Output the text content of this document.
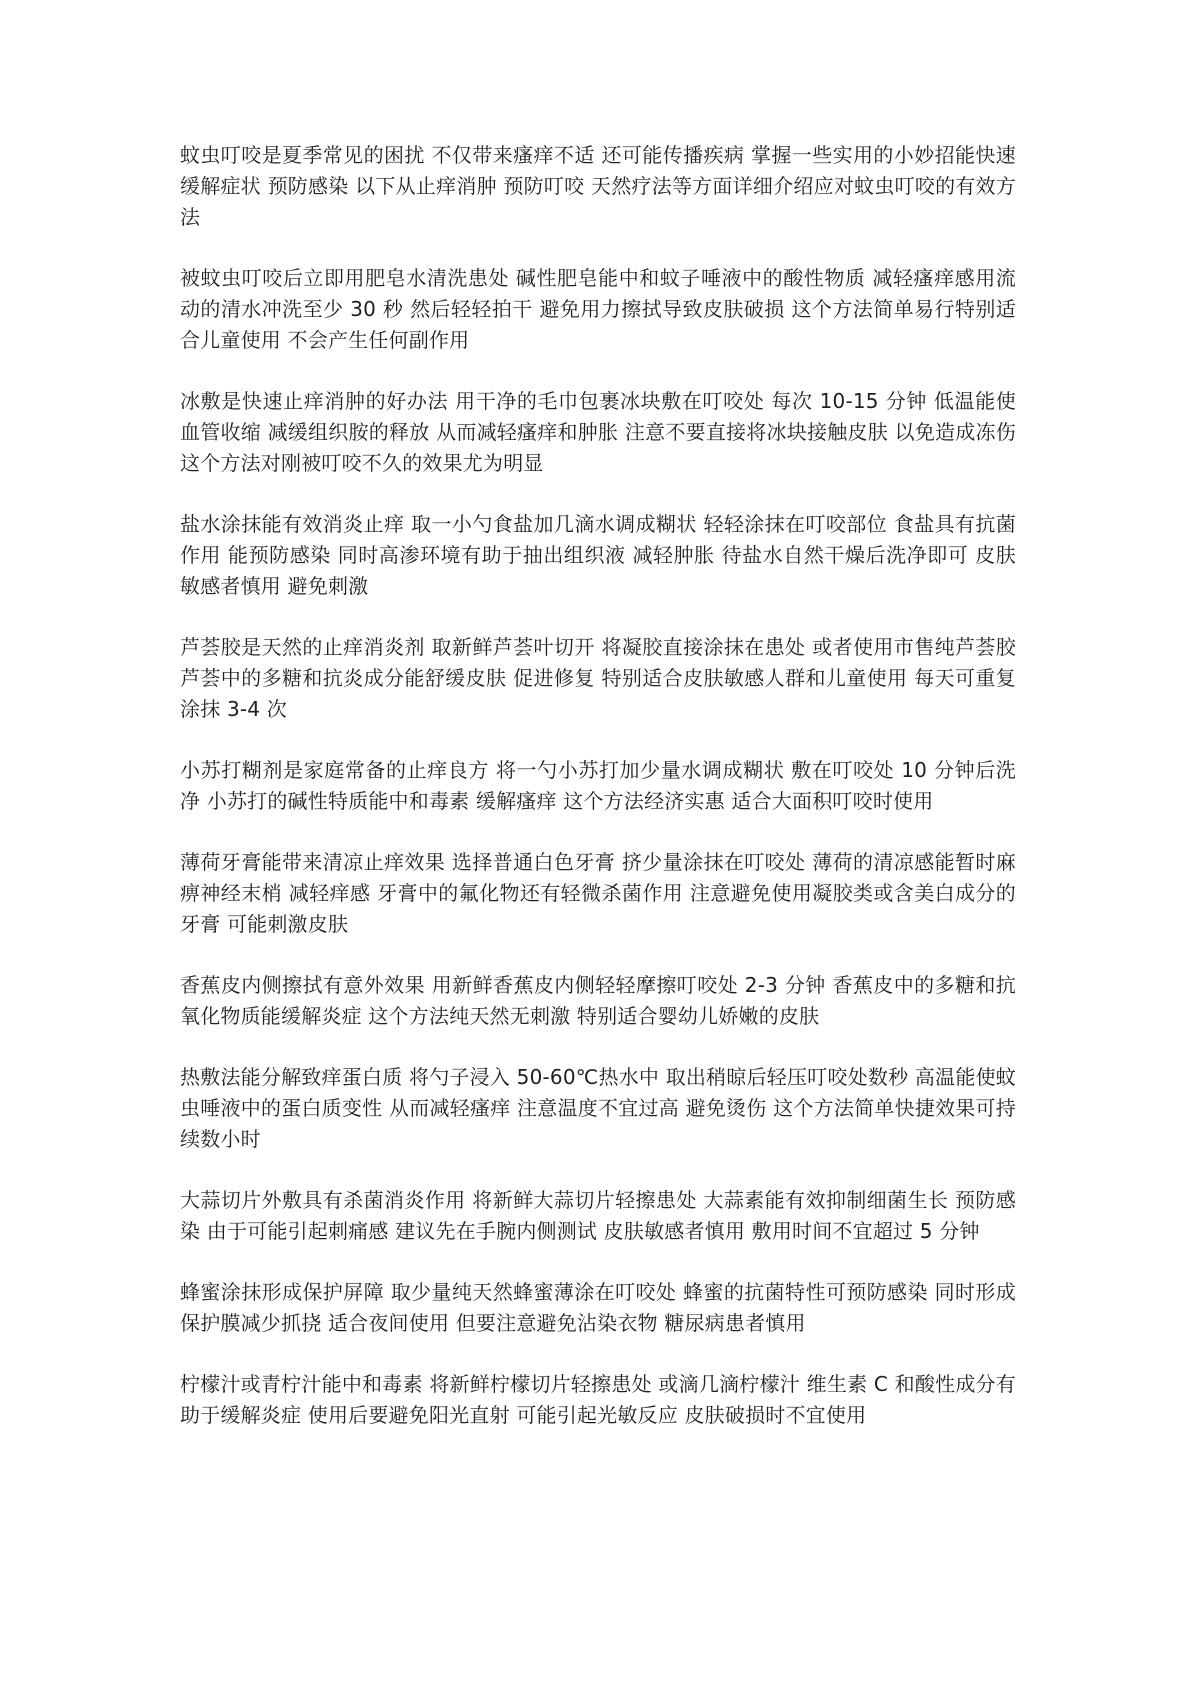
蚊虫叮咬是夏季常见的困扰 不仅带来瘙痒不适 还可能传播疾病 掌握一些实用的小妙招能快速缓解症状 预防感染 以下从止痒消肿 预防叮咬 天然疗法等方面详细介绍应对蚊虫叮咬的有效方法

被蚊虫叮咬后立即用肥皂水清洗患处 碱性肥皂能中和蚊子唾液中的酸性物质 减轻瘙痒感用流动的清水冲洗至少 30 秒 然后轻轻拍干 避免用力擦拭导致皮肤破损 这个方法简单易行特别适合儿童使用 不会产生任何副作用

冰敷是快速止痒消肿的好办法 用干净的毛巾包裹冰块敷在叮咬处 每次 10-15 分钟 低温能使血管收缩 减缓组织胺的释放 从而减轻瘙痒和肿胀 注意不要直接将冰块接触皮肤 以免造成冻伤 这个方法对刚被叮咬不久的效果尤为明显

盐水涂抹能有效消炎止痒 取一小勺食盐加几滴水调成糊状 轻轻涂抹在叮咬部位 食盐具有抗菌作用 能预防感染 同时高渗环境有助于抽出组织液 减轻肿胀 待盐水自然干燥后洗净即可 皮肤敏感者慎用 避免刺激

芦荟胶是天然的止痒消炎剂 取新鲜芦荟叶切开 将凝胶直接涂抹在患处 或者使用市售纯芦荟胶 芦荟中的多糖和抗炎成分能舒缓皮肤 促进修复 特别适合皮肤敏感人群和儿童使用 每天可重复涂抹 3-4 次

小苏打糊剂是家庭常备的止痒良方 将一勺小苏打加少量水调成糊状 敷在叮咬处 10 分钟后洗净 小苏打的碱性特质能中和毒素 缓解瘙痒 这个方法经济实惠 适合大面积叮咬时使用

薄荷牙膏能带来清凉止痒效果 选择普通白色牙膏 挤少量涂抹在叮咬处 薄荷的清凉感能暂时麻痹神经末梢 减轻痒感 牙膏中的氟化物还有轻微杀菌作用 注意避免使用凝胶类或含美白成分的牙膏 可能刺激皮肤

香蕉皮内侧擦拭有意外效果 用新鲜香蕉皮内侧轻轻摩擦叮咬处 2-3 分钟 香蕉皮中的多糖和抗氧化物质能缓解炎症 这个方法纯天然无刺激 特别适合婴幼儿娇嫩的皮肤

热敷法能分解致痒蛋白质 将勺子浸入 50-60℃热水中 取出稍晾后轻压叮咬处数秒 高温能使蚊虫唾液中的蛋白质变性 从而减轻瘙痒 注意温度不宜过高 避免烫伤 这个方法简单快捷效果可持续数小时

大蒜切片外敷具有杀菌消炎作用 将新鲜大蒜切片轻擦患处 大蒜素能有效抑制细菌生长 预防感染 由于可能引起刺痛感 建议先在手腕内侧测试 皮肤敏感者慎用 敷用时间不宜超过 5 分钟

蜂蜜涂抹形成保护屏障 取少量纯天然蜂蜜薄涂在叮咬处 蜂蜜的抗菌特性可预防感染 同时形成保护膜减少抓挠 适合夜间使用 但要注意避免沾染衣物 糖尿病患者慎用

柠檬汁或青柠汁能中和毒素 将新鲜柠檬切片轻擦患处 或滴几滴柠檬汁 维生素 C 和酸性成分有助于缓解炎症 使用后要避免阳光直射 可能引起光敏反应 皮肤破损时不宜使用
